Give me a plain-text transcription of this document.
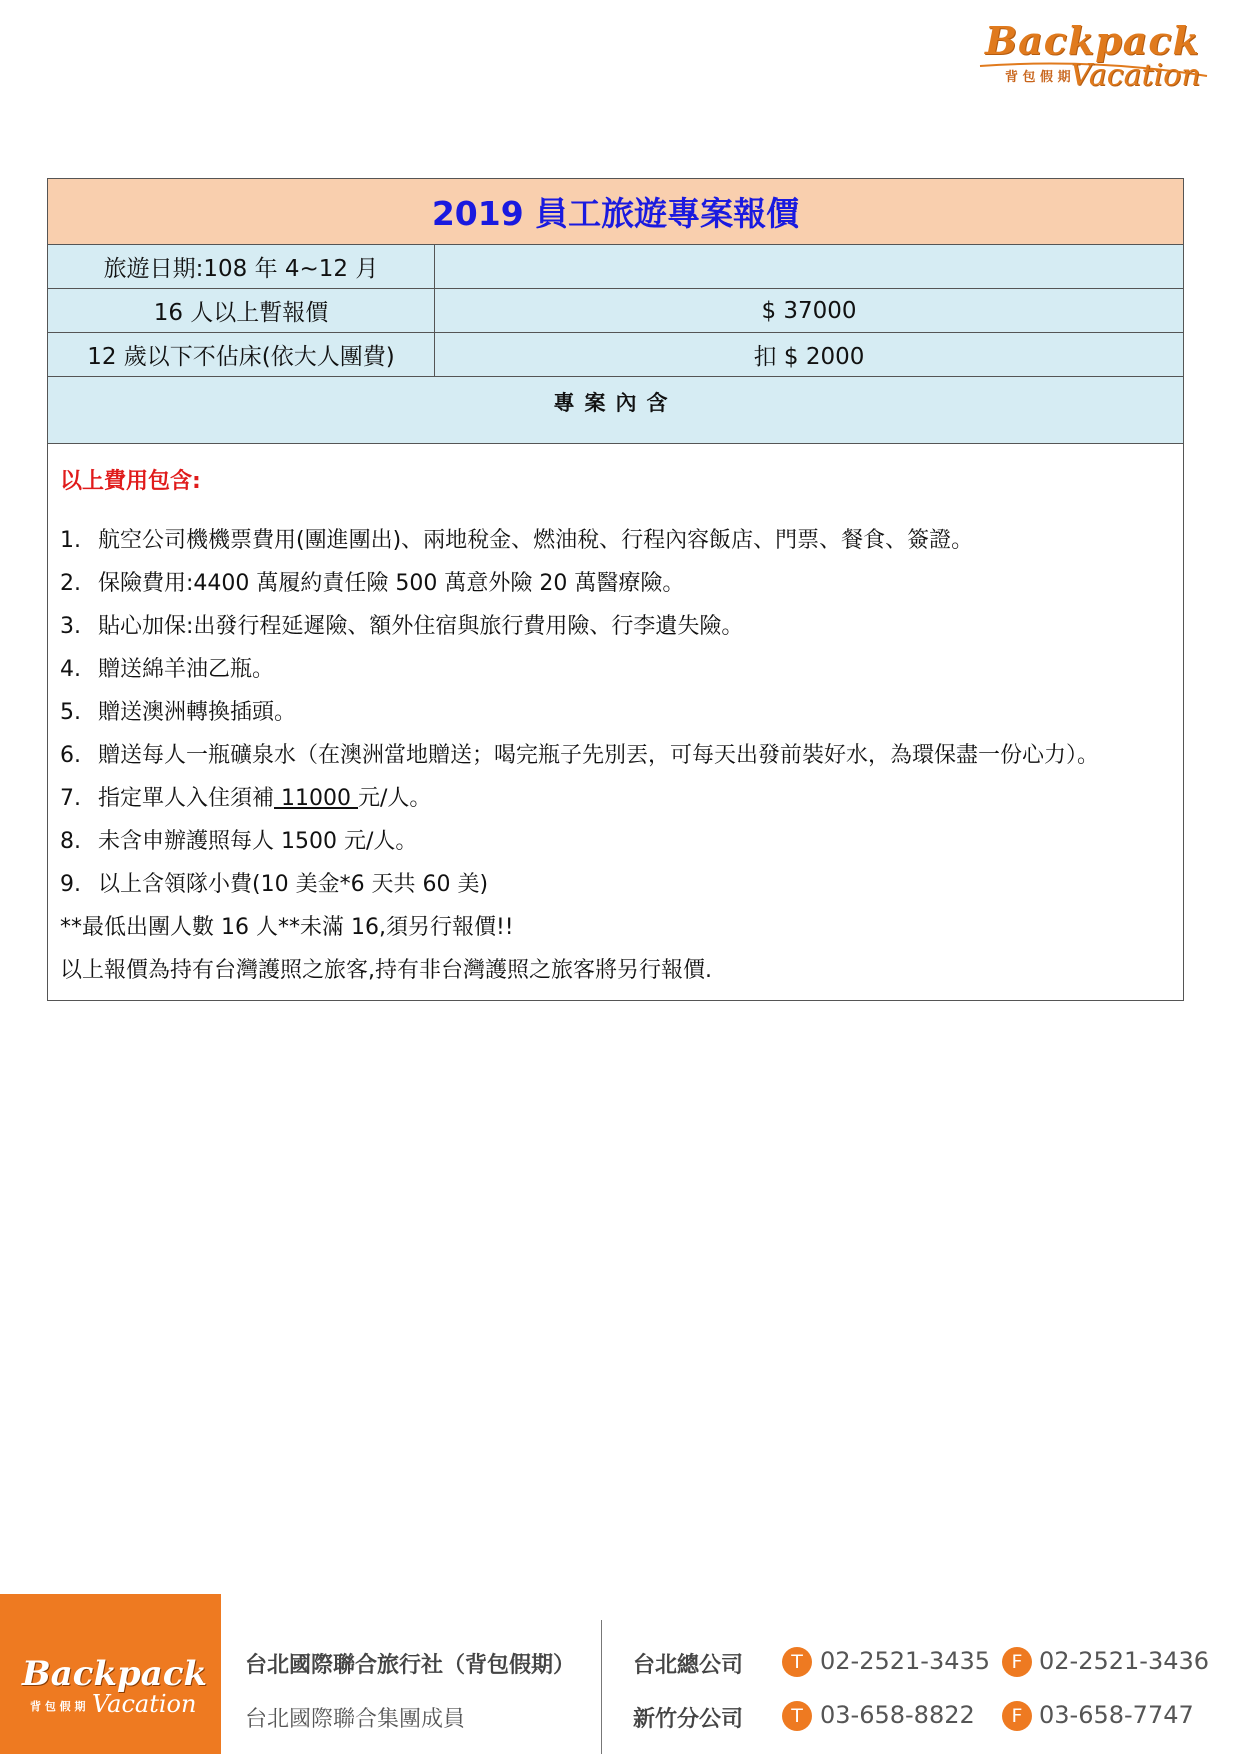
Backpack
背 包 假 期 Vacation
2019 員工旅遊專案報價
旅遊日期:108 年 4~12 月
16 人以上暫報價	$ 37000
12 歲以下不佔床(依大人團費)	扣 $ 2000
專案內含
以上費用包含:
1. 航空公司機機票費用(團進團出)、兩地稅金、燃油稅、行程內容飯店、門票、餐食、簽證。
2. 保險費用:4400 萬履約責任險 500 萬意外險 20 萬醫療險。
3. 貼心加保:出發行程延遲險、額外住宿與旅行費用險、行李遺失險。
4. 贈送綿羊油乙瓶。
5. 贈送澳洲轉換插頭。
6. 贈送每人一瓶礦泉水（在澳洲當地贈送；喝完瓶子先別丟，可每天出發前裝好水，為環保盡一份心力）。
7. 指定單人入住須補 11000 元/人。
8. 未含申辦護照每人 1500 元/人。
9. 以上含領隊小費(10 美金*6 天共 60 美)
**最低出團人數 16 人**未滿 16,須另行報價!!
以上報價為持有台灣護照之旅客,持有非台灣護照之旅客將另行報價.
Backpack
背 包 假 期 Vacation
台北國際聯合旅行社（背包假期）
台北國際聯合集團成員
台北總公司	T 02-2521-3435	F 02-2521-3436
新竹分公司	T 03-658-8822	F 03-658-7747
